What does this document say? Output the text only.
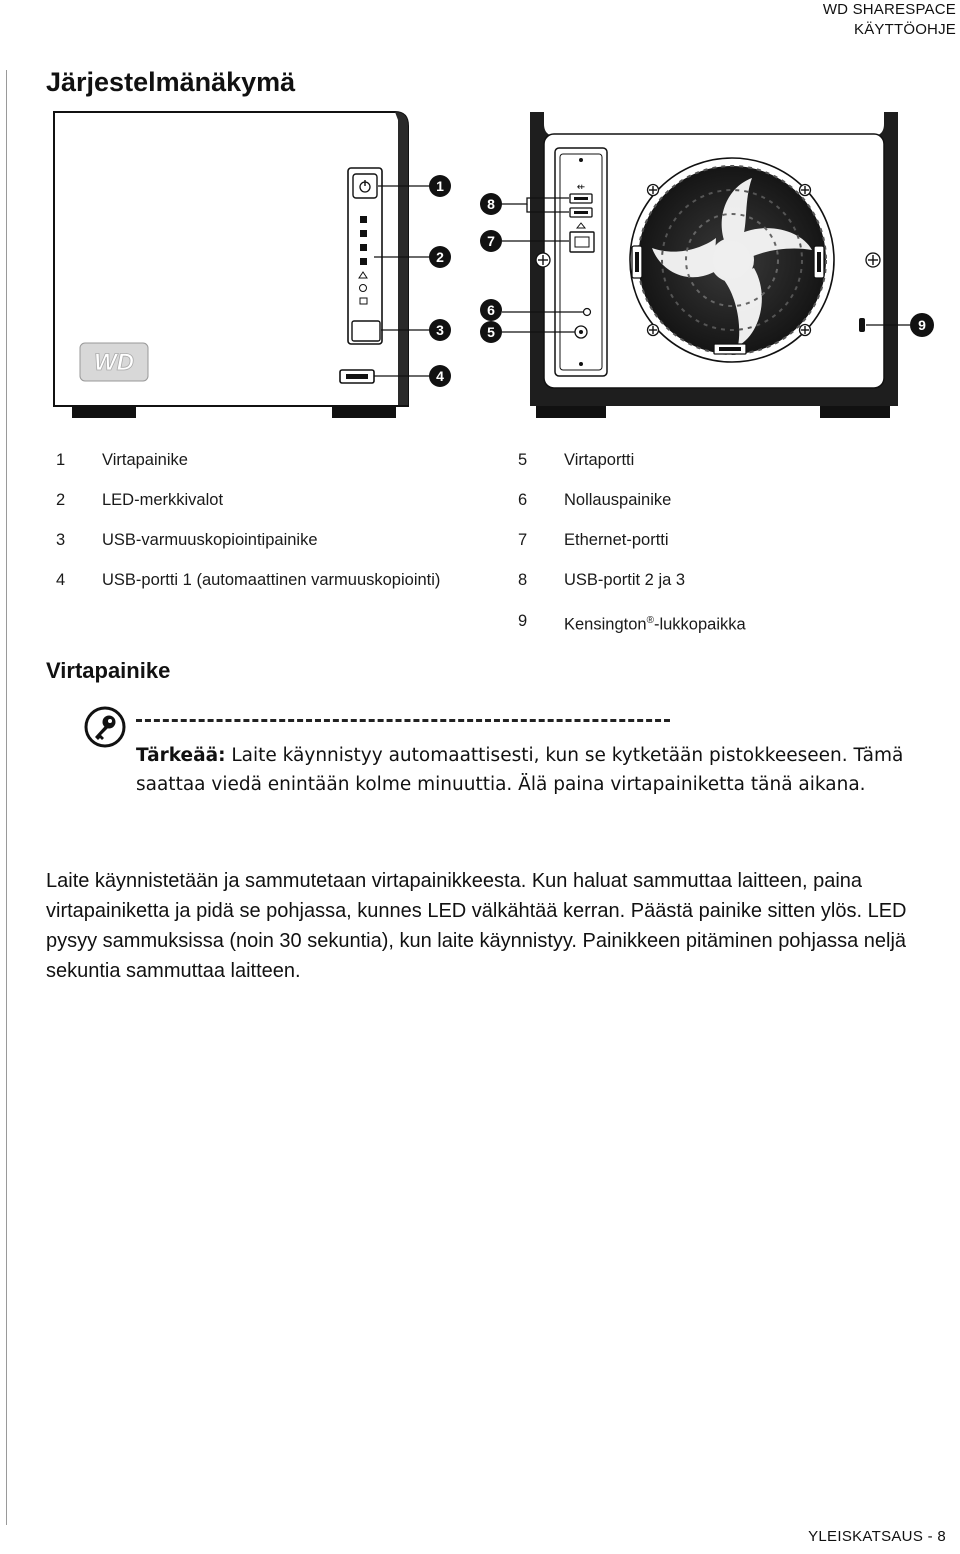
WD SHARESPACE
KÄYTTÖOHJE
Järjestelmänäkymä
WD
1
2
3
4
⇷
8
7
6
5	9
1 Virtapainike
2 LED-merkkivalot
3 USB-varmuuskopiointipainike
4 USB-portti 1 (automaattinen varmuuskopiointi)
5 Virtaportti
6 Nollauspainike
7 Ethernet-portti
8 USB-portit 2 ja 3
9 Kensington®-lukkopaikka
Virtapainike

Tärkeää: Laite käynnistyy automaattisesti, kun se kytketään pistokkeeseen. Tämä saattaa viedä enintään kolme minuuttia. Älä paina virtapainiketta tänä aikana.

Laite käynnistetään ja sammutetaan virtapainikkeesta. Kun haluat sammuttaa laitteen, paina virtapainiketta ja pidä se pohjassa, kunnes LED välkähtää kerran. Päästä painike sitten ylös. LED pysyy sammuksissa (noin 30 sekuntia), kun laite käynnistyy. Painikkeen pitäminen pohjassa neljä sekuntia sammuttaa laitteen.

YLEISKATSAUS - 8
